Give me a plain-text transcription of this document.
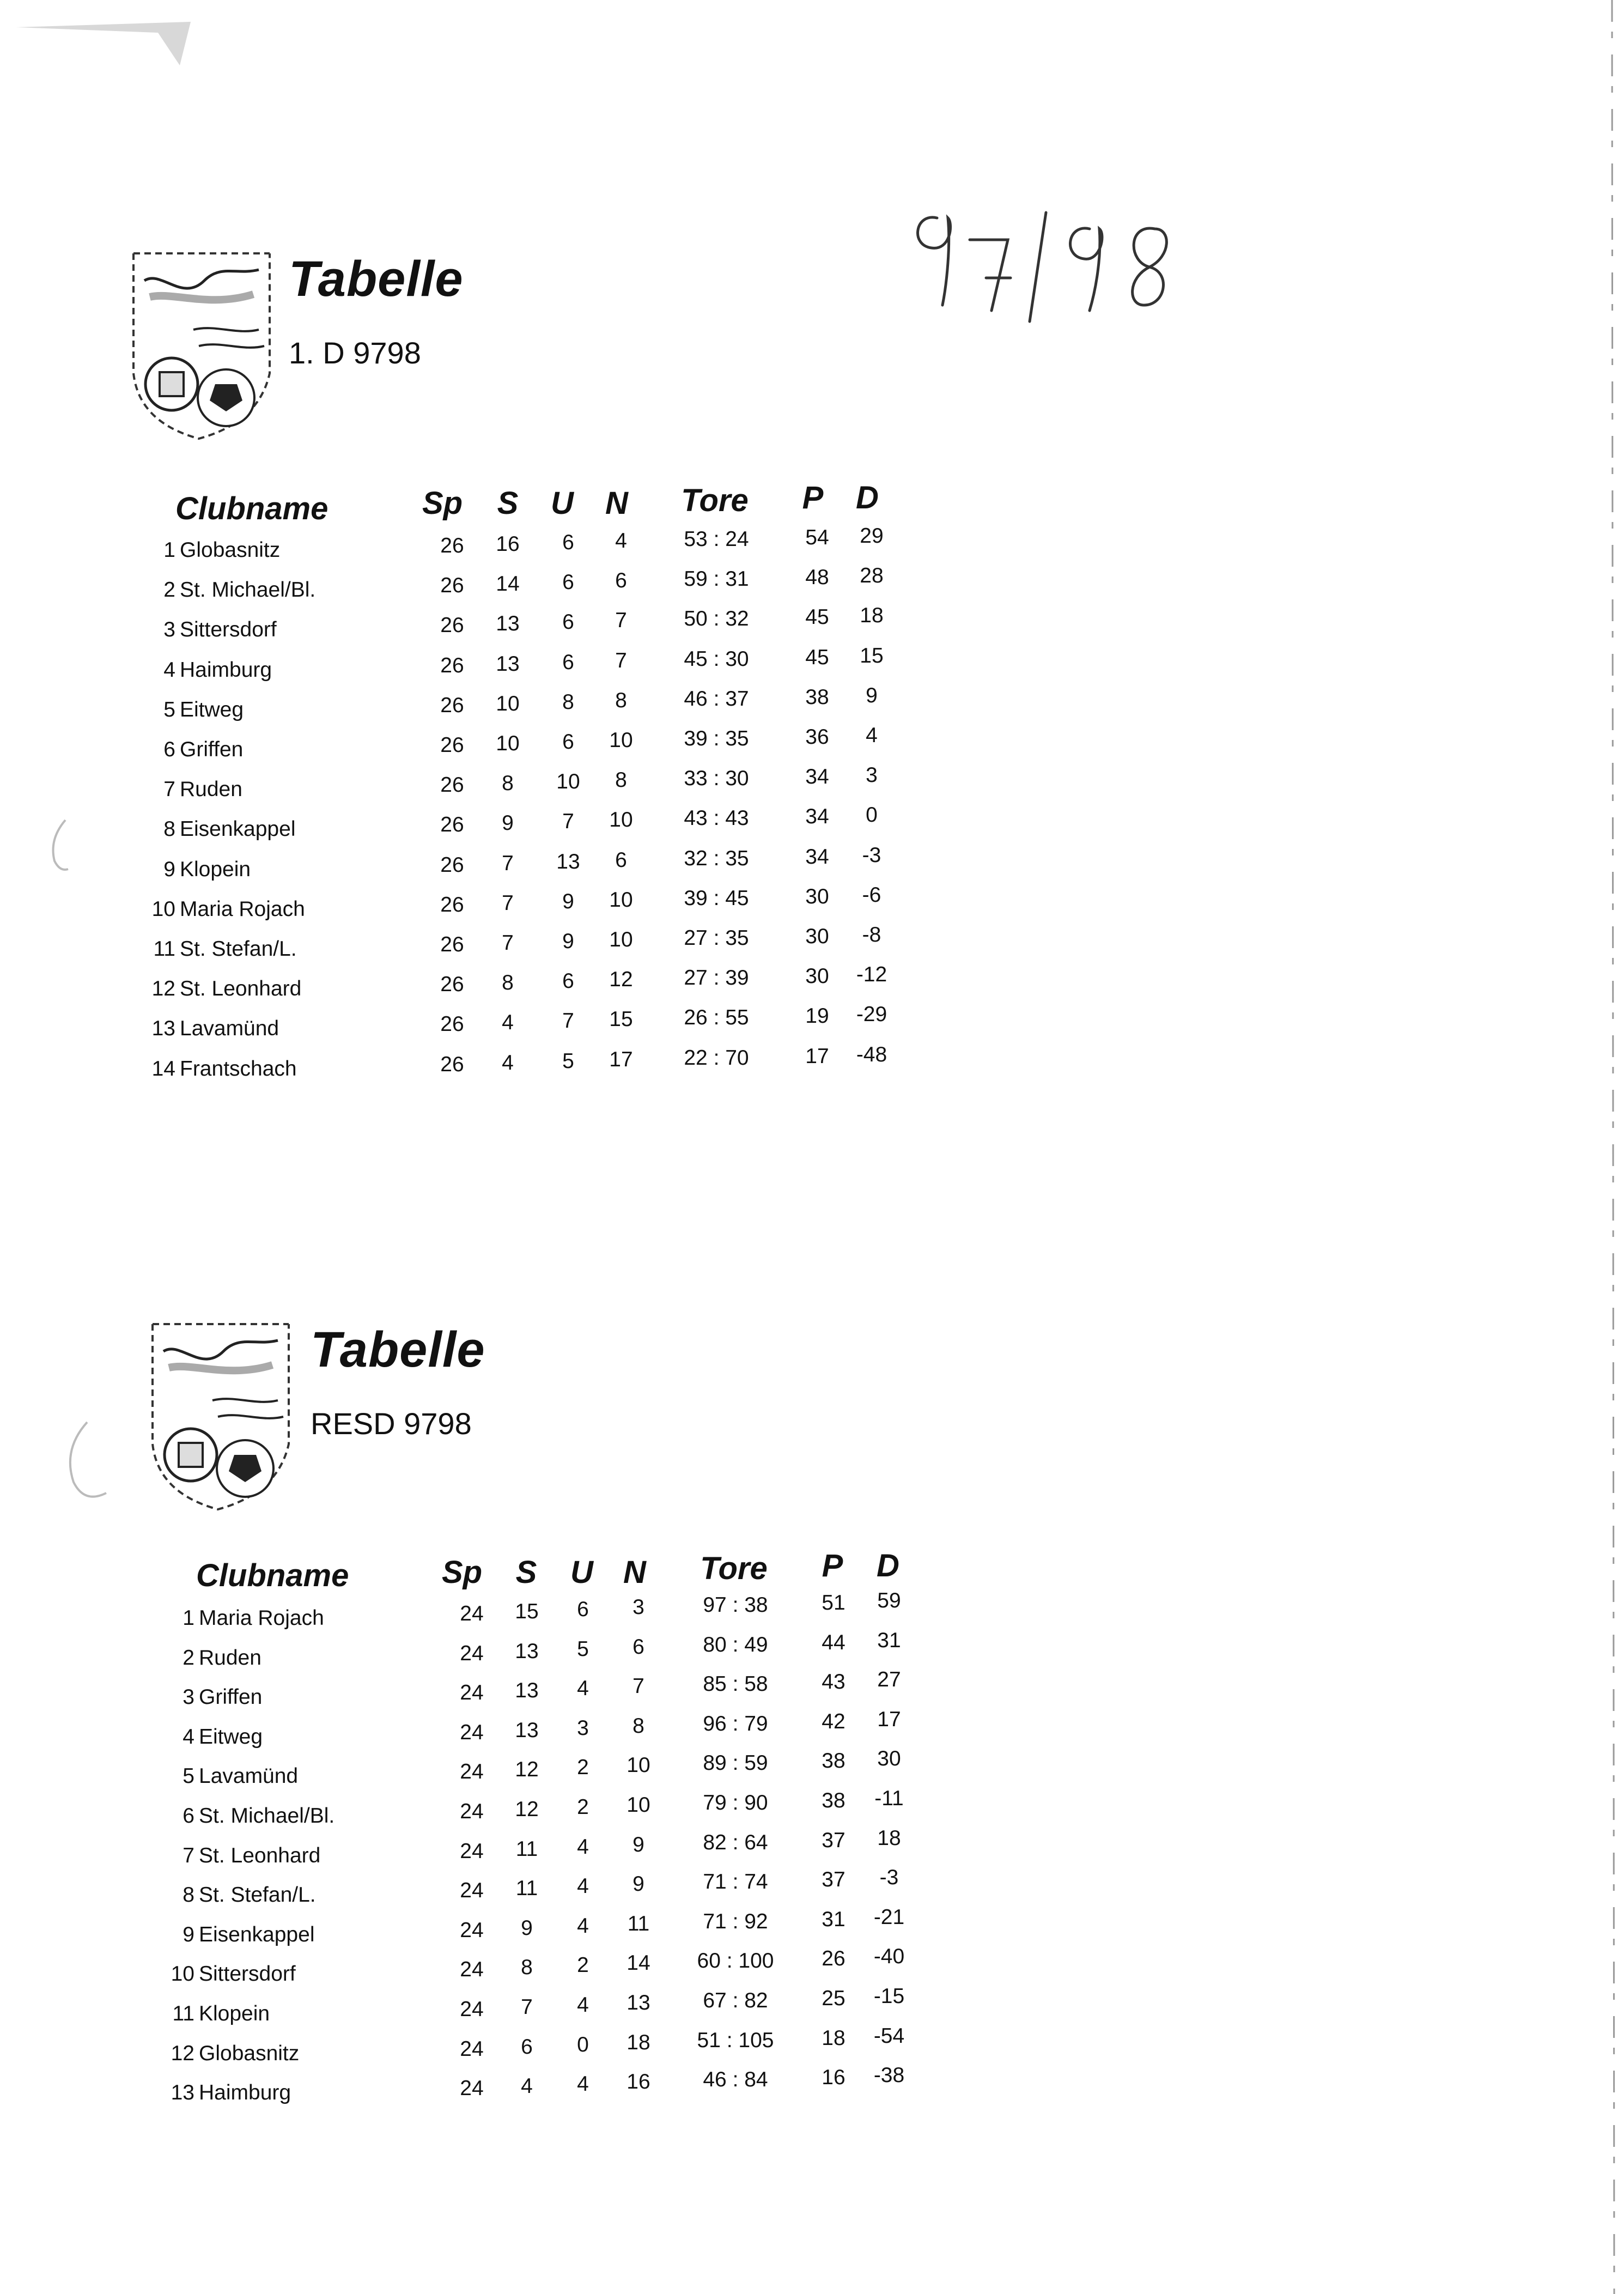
Tabelle
1. D 9798
Clubname	Sp S U N Tore P D
1 Globasnitz	26 16 6 4	53 : 24	54 29
2 St. Michael/Bl.	26 14 6 6	59 : 31	48 28
3 Sittersdorf	26 13 6 7	50 : 32	45 18
4 Haimburg	26 13 6 7	45 : 30	45 15
5 Eitweg	26 10 8 8	46 : 37	38 9
6 Griffen	26 10 6 10 39 : 35	36 4
7 Ruden	26 8 10 8	33 : 30	34 3
8 Eisenkappel	26 9 7 10 43 : 43	34 0
9 Klopein	26 7 13 6	32 : 35	34 -3
10 Maria Rojach	26 7 9 10 39 : 45	30 -6
11 St. Stefan/L.	26 7 9 10 27 : 35	30 -8
12 St. Leonhard	26 8 6 12 27 : 39	30 -12
13 Lavamünd	26 4 7 15 26 : 55	19 -29
14 Frantschach	26 4 5 17 22 : 70	17 -48
Tabelle
RESD 9798
Clubname	Sp S U N Tore P D
1 Maria Rojach	24 15 6 3	97 : 38	51 59
2 Ruden	24 13 5 6	80 : 49	44 31
3 Griffen	24 13 4 7	85 : 58	43 27
4 Eitweg	24 13 3 8	96 : 79	42 17
5 Lavamünd	24 12 2 10 89 : 59	38 30
6 St. Michael/Bl.	24 12 2 10 79 : 90	38 -11
7 St. Leonhard	24 11 4 9	82 : 64	37 18
8 St. Stefan/L.	24 11 4 9	71 : 74	37 -3
9 Eisenkappel	24 9 4 11	71 : 92	31 -21
10 Sittersdorf	24 8 2 14 60 : 100 26 -40
11 Klopein	24 7 4 13 67 : 82	25 -15
12 Globasnitz	24 6 0 18 51 : 105 18 -54
13 Haimburg	24 4 4 16 46 : 84	16 -38
